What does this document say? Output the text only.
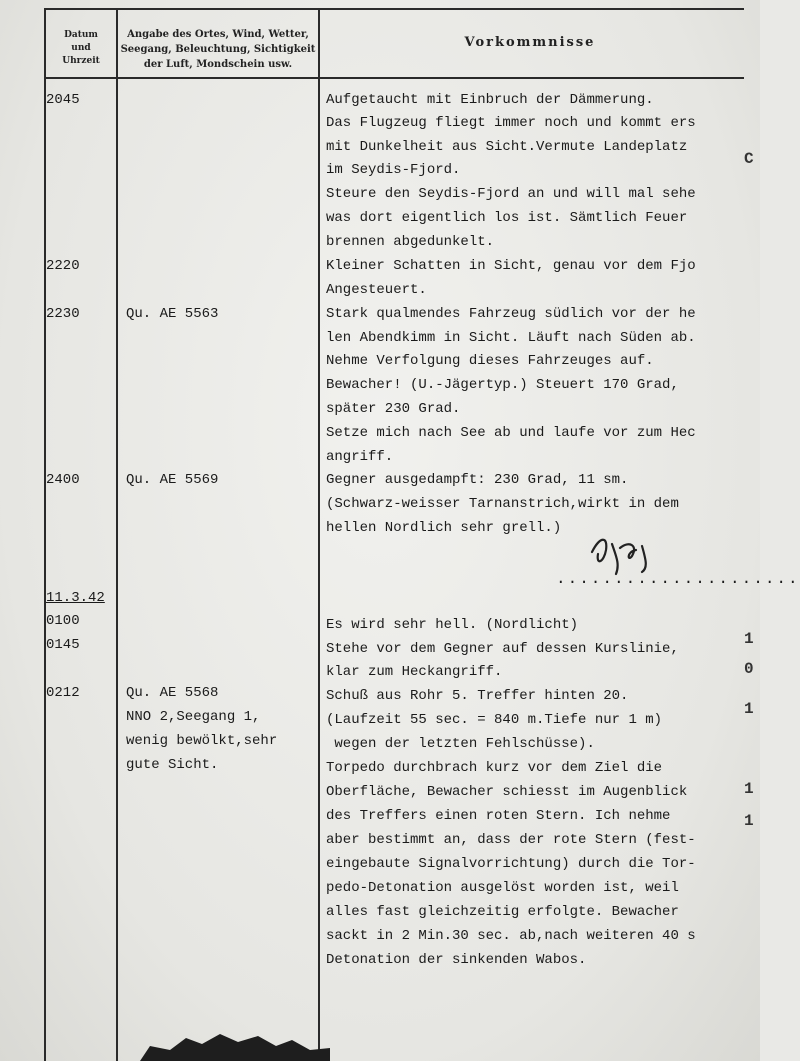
Datum
und
Uhrzeit
Angabe des Ortes, Wind, Wetter,
Seegang, Beleuchtung, Sichtigkeit
der Luft, Mondschein usw.
Vorkommnisse
2045
2220
2230
2400
11.3.42
0100
0145
0212
Qu. AE 5563
Qu. AE 5569
Qu. AE 5568
NNO 2,Seegang 1,
wenig bewölkt,sehr
gute Sicht.
Aufgetaucht mit Einbruch der Dämmerung.
Das Flugzeug fliegt immer noch und kommt ers
mit Dunkelheit aus Sicht.Vermute Landeplatz
im Seydis-Fjord.
Steure den Seydis-Fjord an und will mal sehe
was dort eigentlich los ist. Sämtlich Feuer
brennen abgedunkelt.
Kleiner Schatten in Sicht, genau vor dem Fjo
Angesteuert.
Stark qualmendes Fahrzeug südlich vor der he
len Abendkimm in Sicht. Läuft nach Süden ab.
Nehme Verfolgung dieses Fahrzeuges auf.
Bewacher! (U.-Jägertyp.) Steuert 170 Grad,
später 230 Grad.
Setze mich nach See ab und laufe vor zum Hec
angriff.
Gegner ausgedampft: 230 Grad, 11 sm.
(Schwarz-weisser Tarnanstrich,wirkt in dem
hellen Nordlich sehr grell.)
Es wird sehr hell. (Nordlicht)
Stehe vor dem Gegner auf dessen Kurslinie,
klar zum Heckangriff.
Schuß aus Rohr 5. Treffer hinten 20.
(Laufzeit 55 sec. = 840 m.Tiefe nur 1 m)
wegen der letzten Fehlschüsse).
Torpedo durchbrach kurz vor dem Ziel die
Oberfläche, Bewacher schiesst im Augenblick
des Treffers einen roten Stern. Ich nehme
aber bestimmt an, dass der rote Stern (fest-
eingebaute Signalvorrichtung) durch die Tor-
pedo-Detonation ausgelöst worden ist, weil
alles fast gleichzeitig erfolgte. Bewacher
sackt in 2 Min.30 sec. ab,nach weiteren 40 s
Detonation der sinkenden Wabos.
.....................
C
1
0
1
1
1
